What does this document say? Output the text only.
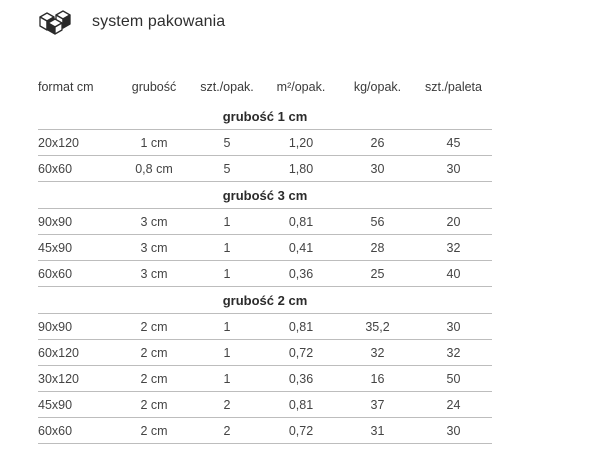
system pakowania
format cm	grubość	szt./opak.	m²/opak.	kg/opak.	szt./paleta
grubość 1 cm
20x120	1 cm	5	1,20	26	45
60x60	0,8 cm	5	1,80	30	30
grubość 3 cm
90x90	3 cm	1	0,81	56	20
45x90	3 cm	1	0,41	28	32
60x60	3 cm	1	0,36	25	40
grubość 2 cm
90x90	2 cm	1	0,81	35,2	30
60x120	2 cm	1	0,72	32	32
30x120	2 cm	1	0,36	16	50
45x90	2 cm	2	0,81	37	24
60x60	2 cm	2	0,72	31	30
